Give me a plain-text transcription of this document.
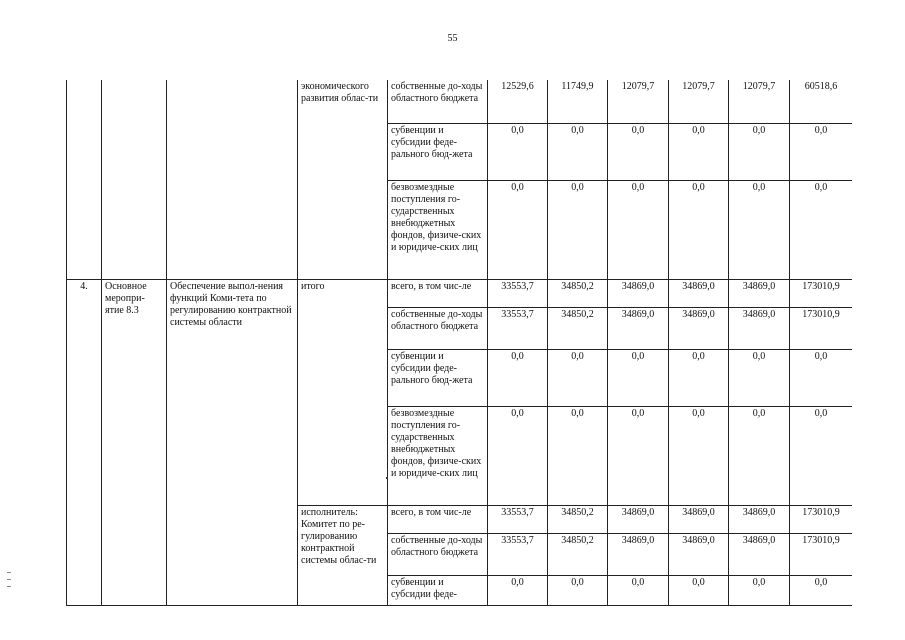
55
			экономического развития облас-ти	собственные до-ходы областного бюджета	12529,6	11749,9	12079,7	12079,7	12079,7	60518,6
				субвенции и субсидии феде-рального бюд-жета	0,0	0,0	0,0	0,0	0,0	0,0
				безвозмездные поступления го-сударственных внебюджетных фондов, физиче-ских и юридиче-ских лиц	0,0	0,0	0,0	0,0	0,0	0,0
4.	Основное меропри-ятие 8.3	Обеспечение выпол-нения функций Коми-тета по регулированию контрактной системы области	итого	всего, в том чис-ле	33553,7	34850,2	34869,0	34869,0	34869,0	173010,9
				собственные до-ходы областного бюджета	33553,7	34850,2	34869,0	34869,0	34869,0	173010,9
				субвенции и субсидии феде-рального бюд-жета	0,0	0,0	0,0	0,0	0,0	0,0
				безвозмездные поступления го-сударственных внебюджетных фондов, физиче-ских и юридиче-ских лиц	0,0	0,0	0,0	0,0	0,0	0,0
			исполнитель: Комитет по ре-гулированию контрактной системы облас-ти	всего, в том чис-ле	33553,7	34850,2	34869,0	34869,0	34869,0	173010,9
				собственные до-ходы областного бюджета	33553,7	34850,2	34869,0	34869,0	34869,0	173010,9
				субвенции и субсидии феде-	0,0	0,0	0,0	0,0	0,0	0,0
